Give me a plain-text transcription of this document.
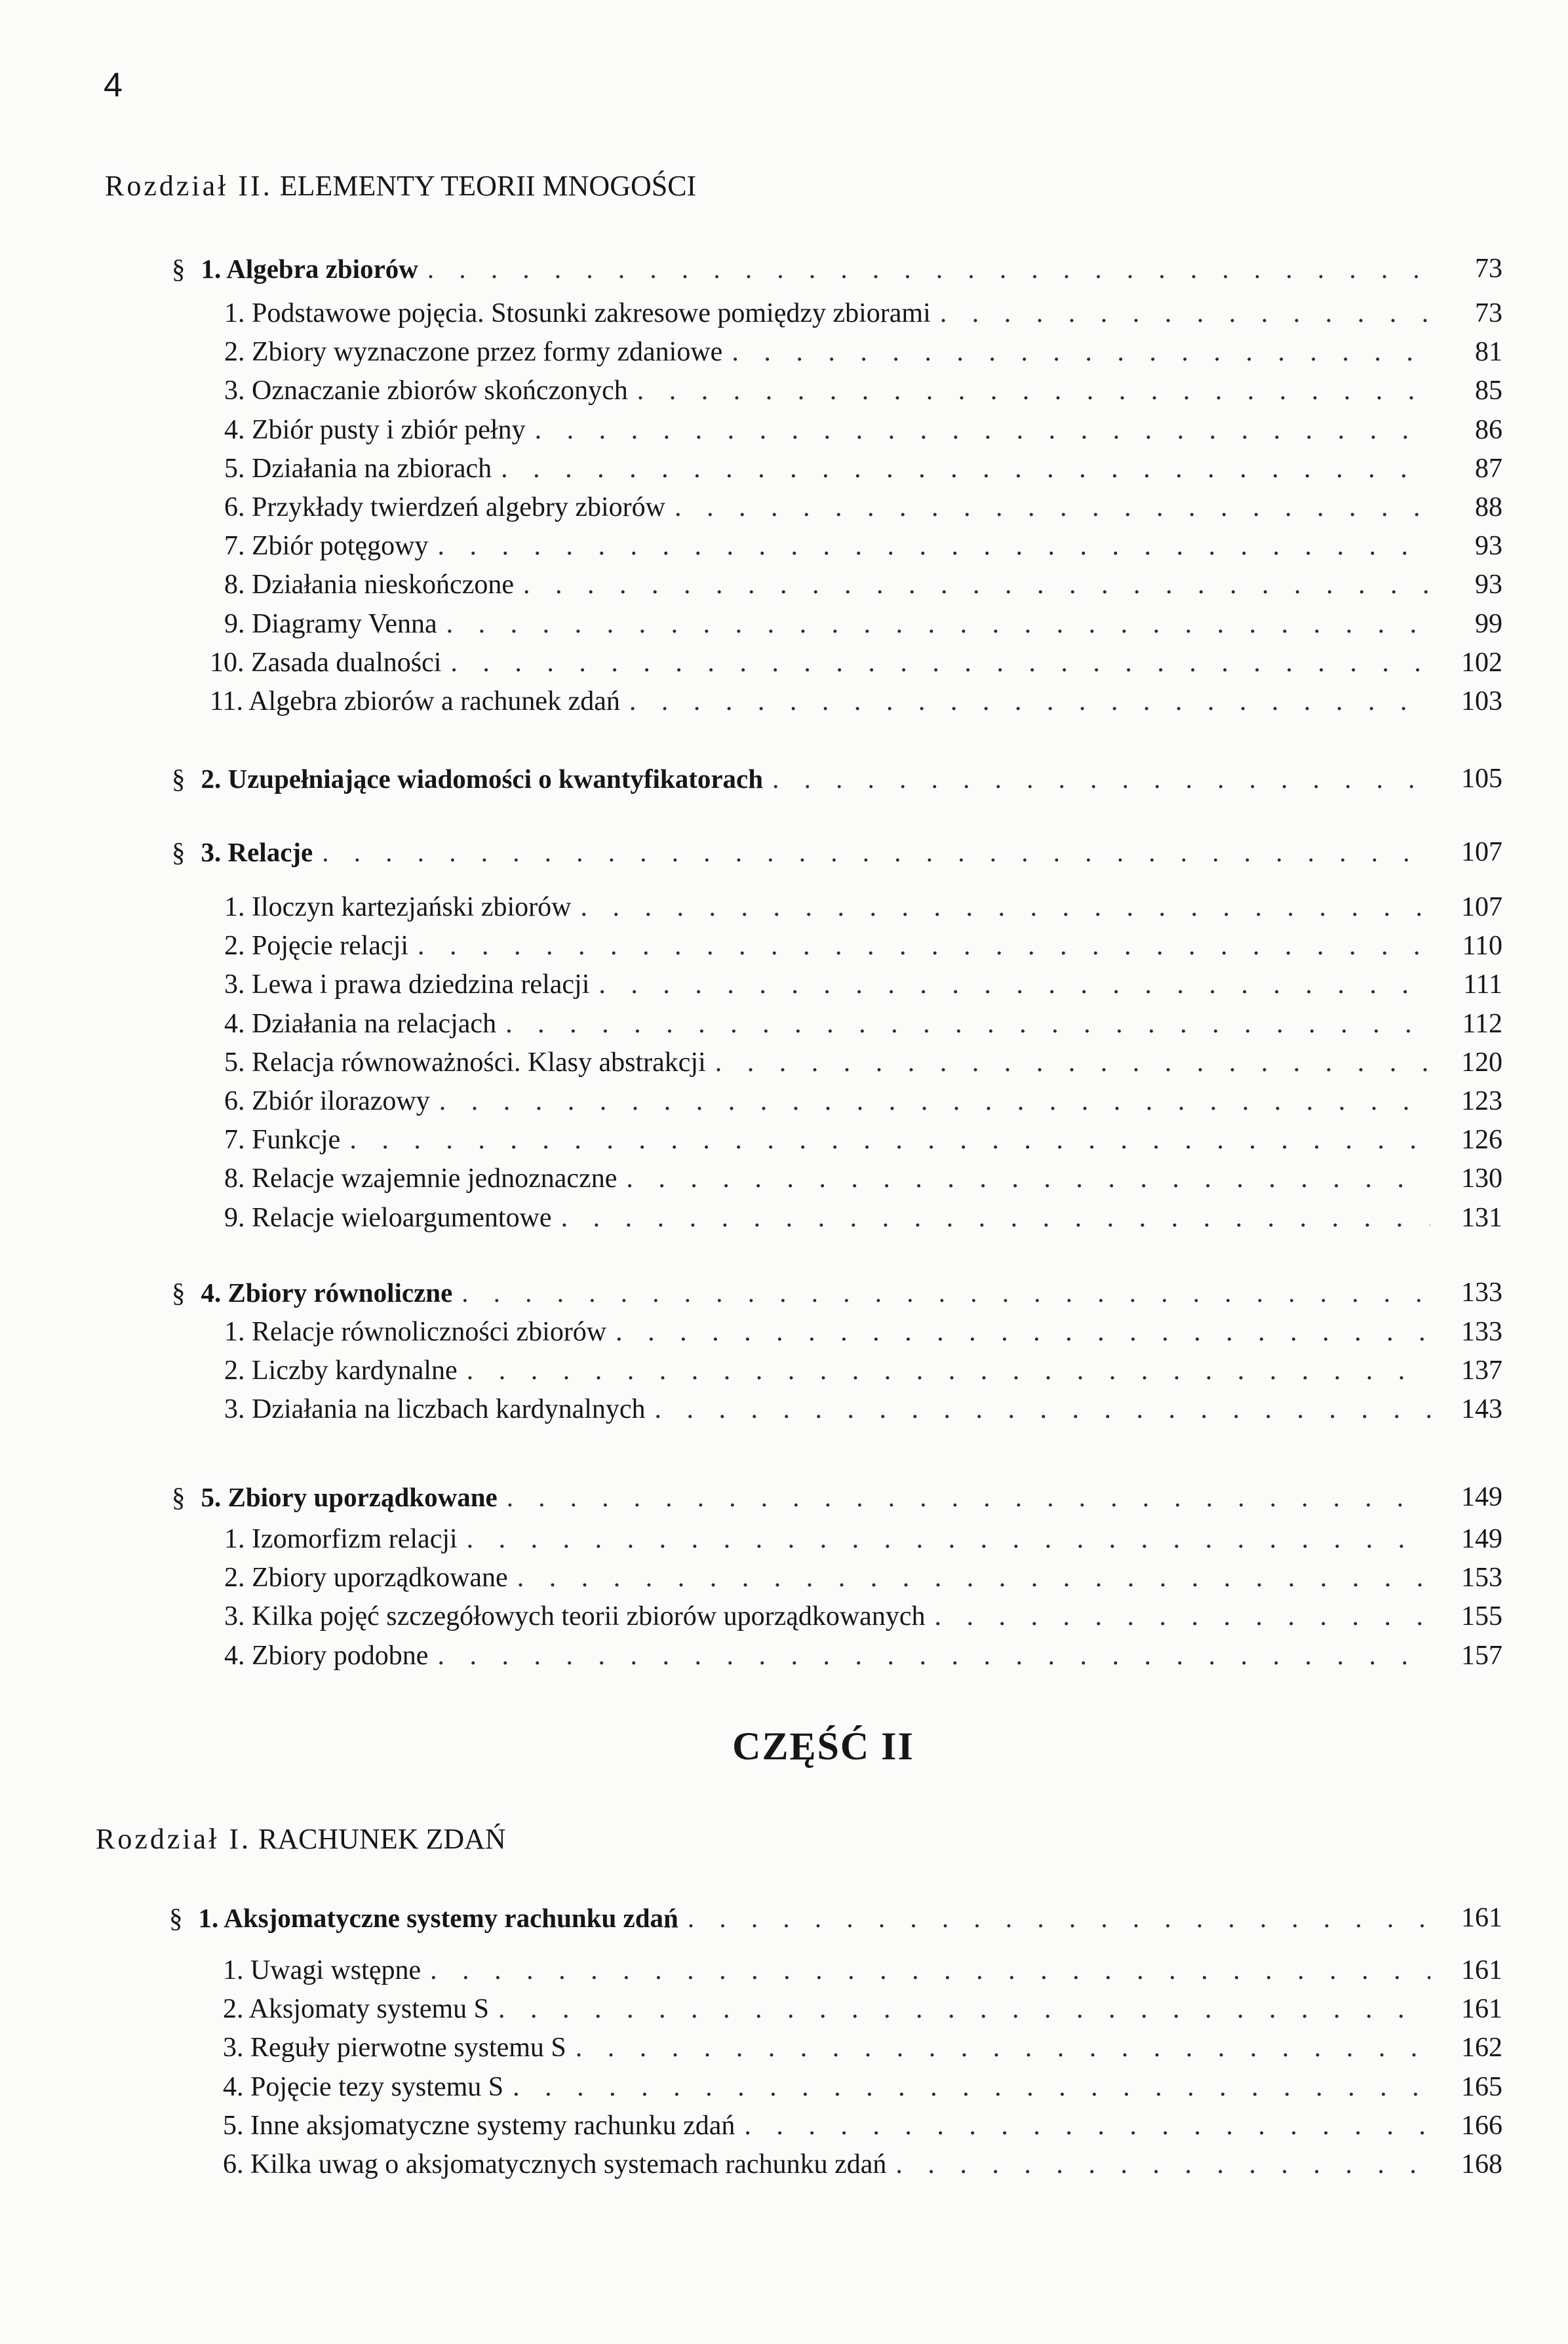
4
Rozdział II. ELEMENTY TEORII MNOGOŚCI
§ 1. Algebra zbiorów . . .	73
1. Podstawowe pojęcia. Stosunki zakresowe pomiędzy zbiorami . . .	73
2. Zbiory wyznaczone przez formy zdaniowe . . .	81
3. Oznaczanie zbiorów skończonych . . .	85
4. Zbiór pusty i zbiór pełny . . .	86
5. Działania na zbiorach . . .	87
6. Przykłady twierdzeń algebry zbiorów . . .	88
7. Zbiór potęgowy . . .	93
8. Działania nieskończone . . .	93
9. Diagramy Venna . . .	99
10. Zasada dualności . . .	102
11. Algebra zbiorów a rachunek zdań . . .	103
§ 2. Uzupełniające wiadomości o kwantyfikatorach . . .	105
§ 3. Relacje . . .	107
1. Iloczyn kartezjański zbiorów . . .	107
2. Pojęcie relacji . . .	110
3. Lewa i prawa dziedzina relacji . . .	111
4. Działania na relacjach . . .	112
5. Relacja równoważności. Klasy abstrakcji . . .	120
6. Zbiór ilorazowy . . .	123
7. Funkcje . . .	126
8. Relacje wzajemnie jednoznaczne . . .	130
9. Relacje wieloargumentowe . . .	131
§ 4. Zbiory równoliczne . . .	133
1. Relacje równoliczności zbiorów . . .	133
2. Liczby kardynalne . . .	137
3. Działania na liczbach kardynalnych . . .	143
§ 5. Zbiory uporządkowane . . .	149
1. Izomorfizm relacji . . .	149
2. Zbiory uporządkowane . . .	153
3. Kilka pojęć szczegółowych teorii zbiorów uporządkowanych . . .	155
4. Zbiory podobne . . .	157
CZĘŚĆ II
Rozdział I. RACHUNEK ZDAŃ
§ 1. Aksjomatyczne systemy rachunku zdań . . .	161
1. Uwagi wstępne . . .	161
2. Aksjomaty systemu S . . .	161
3. Reguły pierwotne systemu S . . .	162
4. Pojęcie tezy systemu S . . .	165
5. Inne aksjomatyczne systemy rachunku zdań . . .	166
6. Kilka uwag o aksjomatycznych systemach rachunku zdań . . .	168
